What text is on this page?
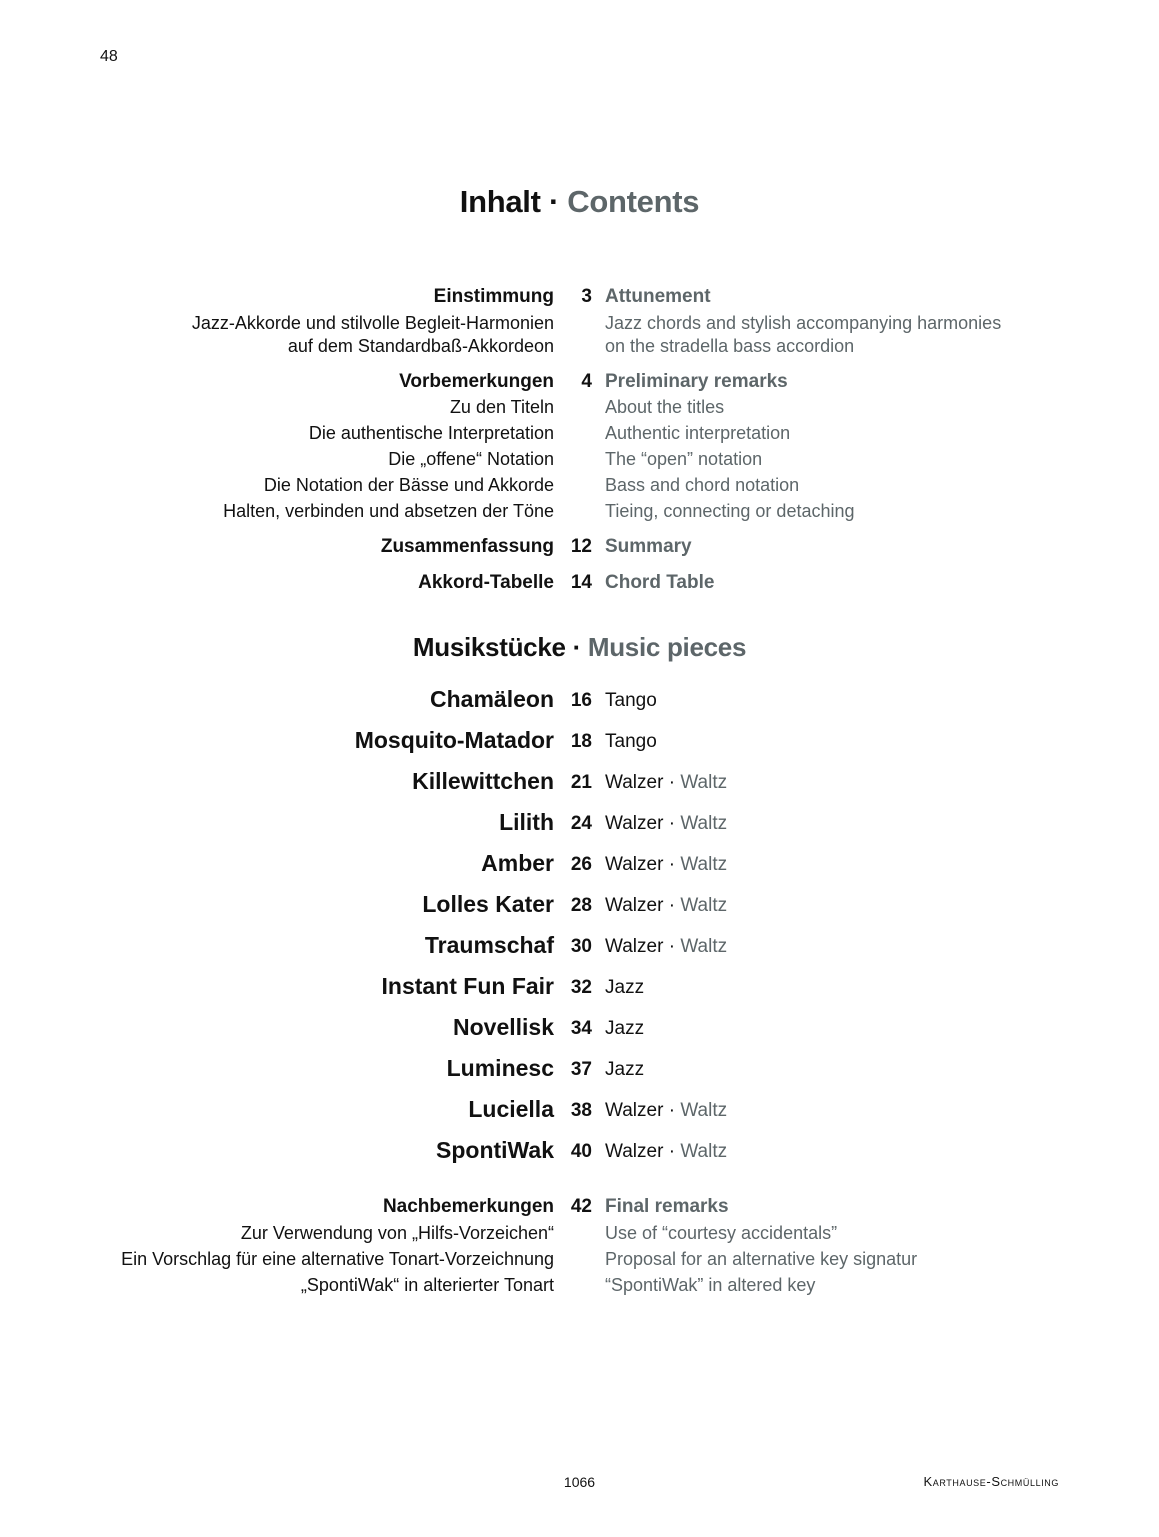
48
Inhalt · Contents
Einstimmung	3 Attunement
Jazz-Akkorde und stilvolle Begleit-Harmonien	Jazz chords and stylish accompanying harmonies
auf dem Standardbaß-Akkordeon	on the stradella bass accordion
Vorbemerkungen	4 Preliminary remarks
Zu den Titeln	About the titles
Die authentische Interpretation	Authentic interpretation
Die „offene“ Notation	The “open” notation
Die Notation der Bässe und Akkorde	Bass and chord notation
Halten, verbinden und absetzen der Töne	Tieing, connecting or detaching
Zusammenfassung 12 Summary
Akkord-Tabelle 14 Chord Table
Musikstücke · Music pieces
Chamäleon 16 Tango
Mosquito-Matador 18 Tango
Killewittchen 21 Walzer · Waltz
Lilith 24 Walzer · Waltz
Amber 26 Walzer · Waltz
Lolles Kater 28 Walzer · Waltz
Traumschaf 30 Walzer · Waltz
Instant Fun Fair 32 Jazz
Novellisk 34 Jazz
Luminesc 37 Jazz
Luciella 38 Walzer · Waltz
SpontiWak 40 Walzer · Waltz
Nachbemerkungen 42 Final remarks
Zur Verwendung von „Hilfs-Vorzeichen“	Use of “courtesy accidentals”
Ein Vorschlag für eine alternative Tonart-Vorzeichnung	Proposal for an alternative key signatur
„SpontiWak“ in alterierter Tonart	“SpontiWak” in altered key
1066	Karthause-Schmülling
